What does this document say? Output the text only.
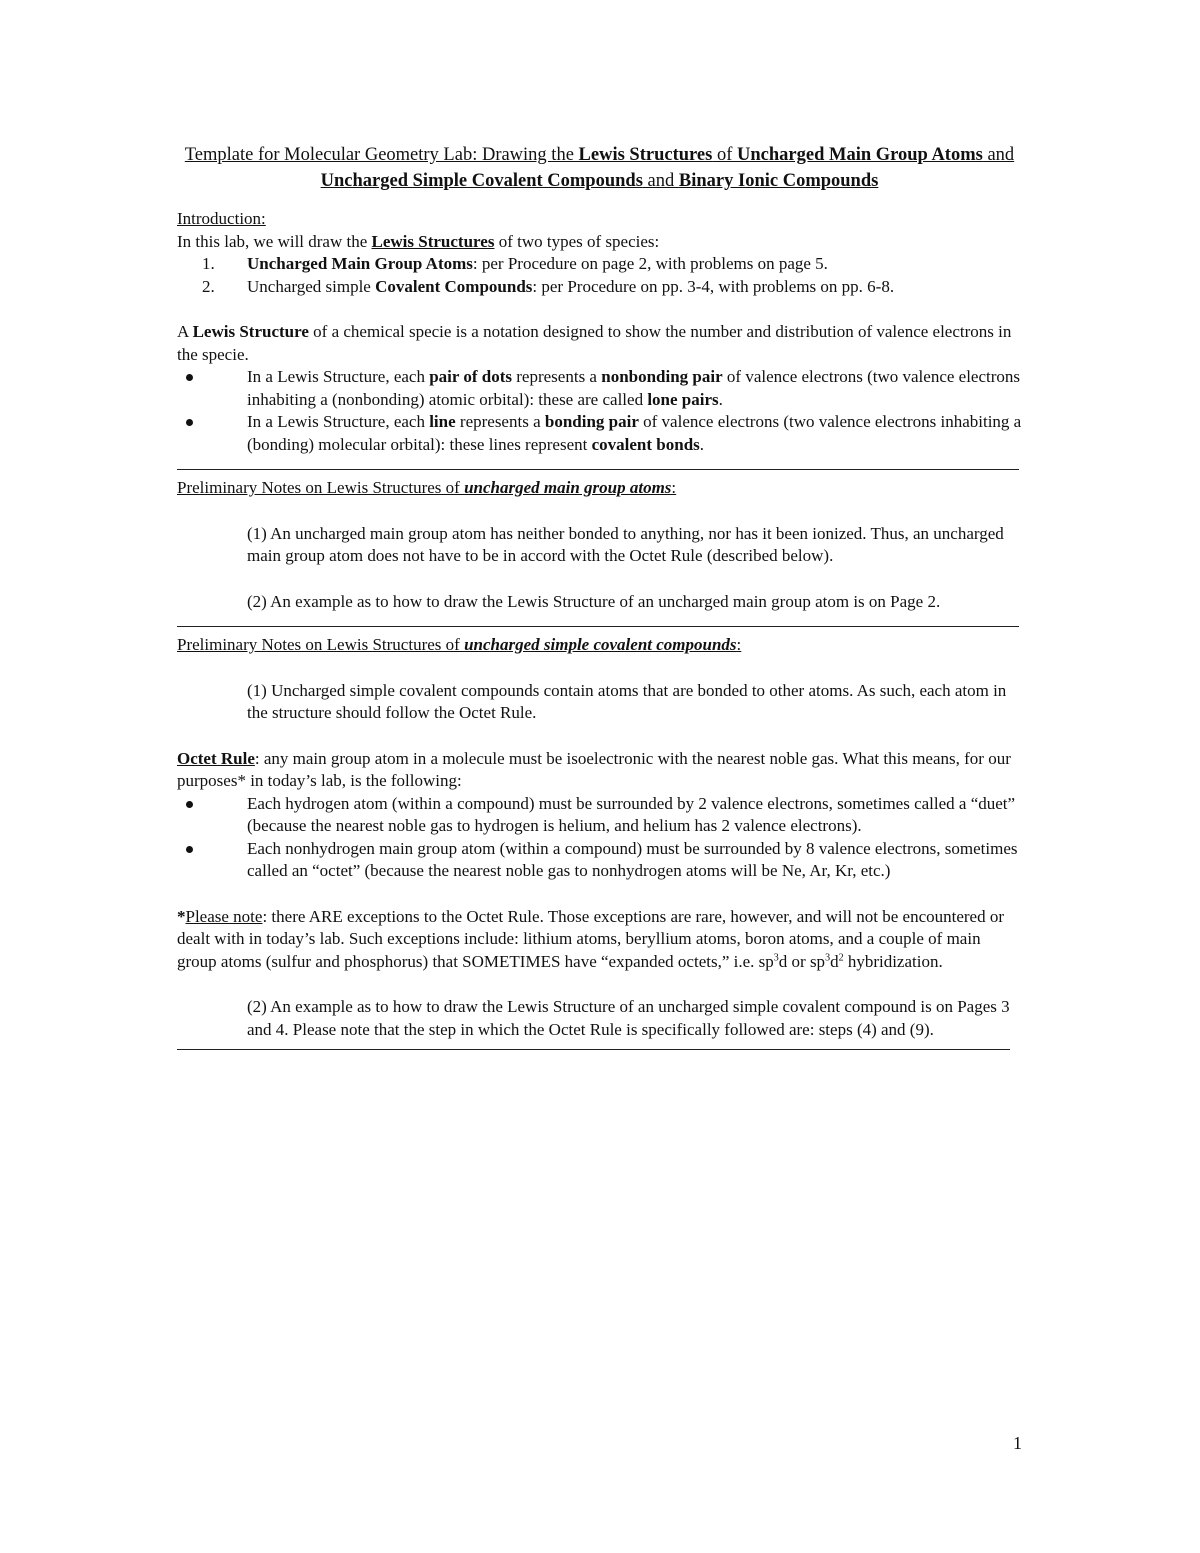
Template for Molecular Geometry Lab: Drawing the Lewis Structures of Uncharged Main Group Atoms and Uncharged Simple Covalent Compounds and Binary Ionic Compounds

Introduction:

In this lab, we will draw the Lewis Structures of two types of species:

1. Uncharged Main Group Atoms: per Procedure on page 2, with problems on page 5.
2. Uncharged simple Covalent Compounds: per Procedure on pp. 3-4, with problems on pp. 6-8.

A Lewis Structure of a chemical specie is a notation designed to show the number and distribution of valence electrons in the specie.

In a Lewis Structure, each pair of dots represents a nonbonding pair of valence electrons (two valence electrons inhabiting a (nonbonding) atomic orbital): these are called lone pairs.
In a Lewis Structure, each line represents a bonding pair of valence electrons (two valence electrons inhabiting a (bonding) molecular orbital): these lines represent covalent bonds.

Preliminary Notes on Lewis Structures of uncharged main group atoms:

(1) An uncharged main group atom has neither bonded to anything, nor has it been ionized. Thus, an uncharged main group atom does not have to be in accord with the Octet Rule (described below).

(2) An example as to how to draw the Lewis Structure of an uncharged main group atom is on Page 2.

Preliminary Notes on Lewis Structures of uncharged simple covalent compounds:

(1) Uncharged simple covalent compounds contain atoms that are bonded to other atoms. As such, each atom in the structure should follow the Octet Rule.

Octet Rule: any main group atom in a molecule must be isoelectronic with the nearest noble gas. What this means, for our purposes* in today’s lab, is the following:

Each hydrogen atom (within a compound) must be surrounded by 2 valence electrons, sometimes called a “duet” (because the nearest noble gas to hydrogen is helium, and helium has 2 valence electrons).
Each nonhydrogen main group atom (within a compound) must be surrounded by 8 valence electrons, sometimes called an “octet” (because the nearest noble gas to nonhydrogen atoms will be Ne, Ar, Kr, etc.)

*Please note: there ARE exceptions to the Octet Rule. Those exceptions are rare, however, and will not be encountered or dealt with in today’s lab. Such exceptions include: lithium atoms, beryllium atoms, boron atoms, and a couple of main group atoms (sulfur and phosphorus) that SOMETIMES have “expanded octets,” i.e. $sp^3d$ or $sp^3d^2$ hybridization.

(2) An example as to how to draw the Lewis Structure of an uncharged simple covalent compound is on Pages 3 and 4. Please note that the step in which the Octet Rule is specifically followed are: steps (4) and (9).

1
